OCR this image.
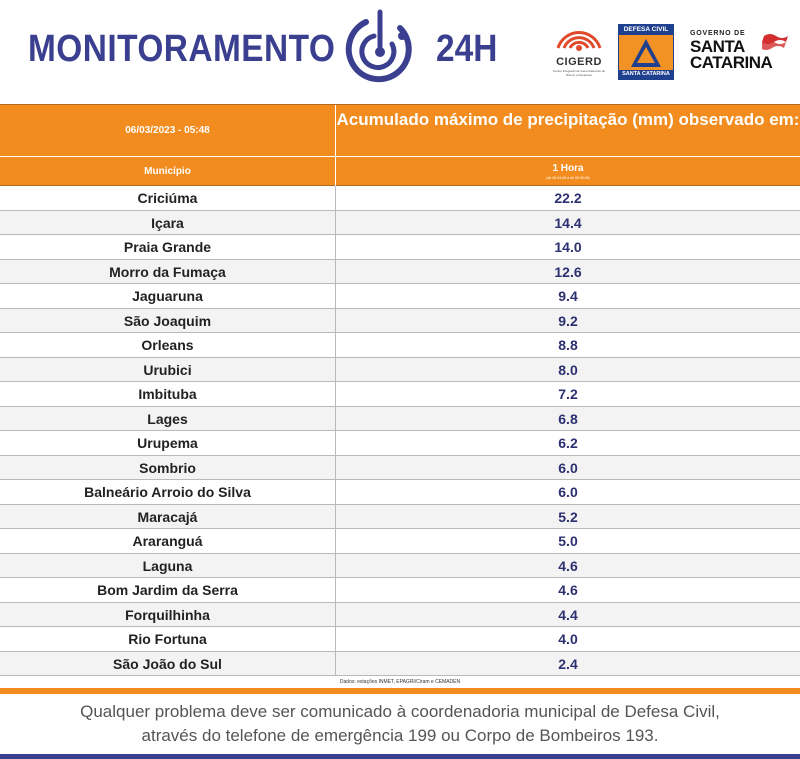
MONITORAMENTO	24H	CIGERD
Centro Integrado de Gerenciamento de Riscos e Desastres
DEFESA CIVIL
SANTA CATARINA
GOVERNO DE
SANTA
CATARINA
06/03/2023 - 05:48
Acumulado máximo de precipitação (mm) observado em:
Município	1 Hora
(de 06-04:48 a de 06 05:48)
Criciúma	22.2
Içara	14.4
Praia Grande	14.0
Morro da Fumaça	12.6
Jaguaruna	9.4
São Joaquim	9.2
Orleans	8.8
Urubici	8.0
Imbituba	7.2
Lages	6.8
Urupema	6.2
Sombrio	6.0
Balneário Arroio do Silva	6.0
Maracajá	5.2
Araranguá	5.0
Laguna	4.6
Bom Jardim da Serra	4.6
Forquilhinha	4.4
Rio Fortuna	4.0
São João do Sul	2.4
Dados: estações INMET, EPAGRI/Ciram e CEMADEN
Qualquer problema deve ser comunicado à coordenadoria municipal de Defesa Civil,
através do telefone de emergência 199 ou Corpo de Bombeiros 193.
